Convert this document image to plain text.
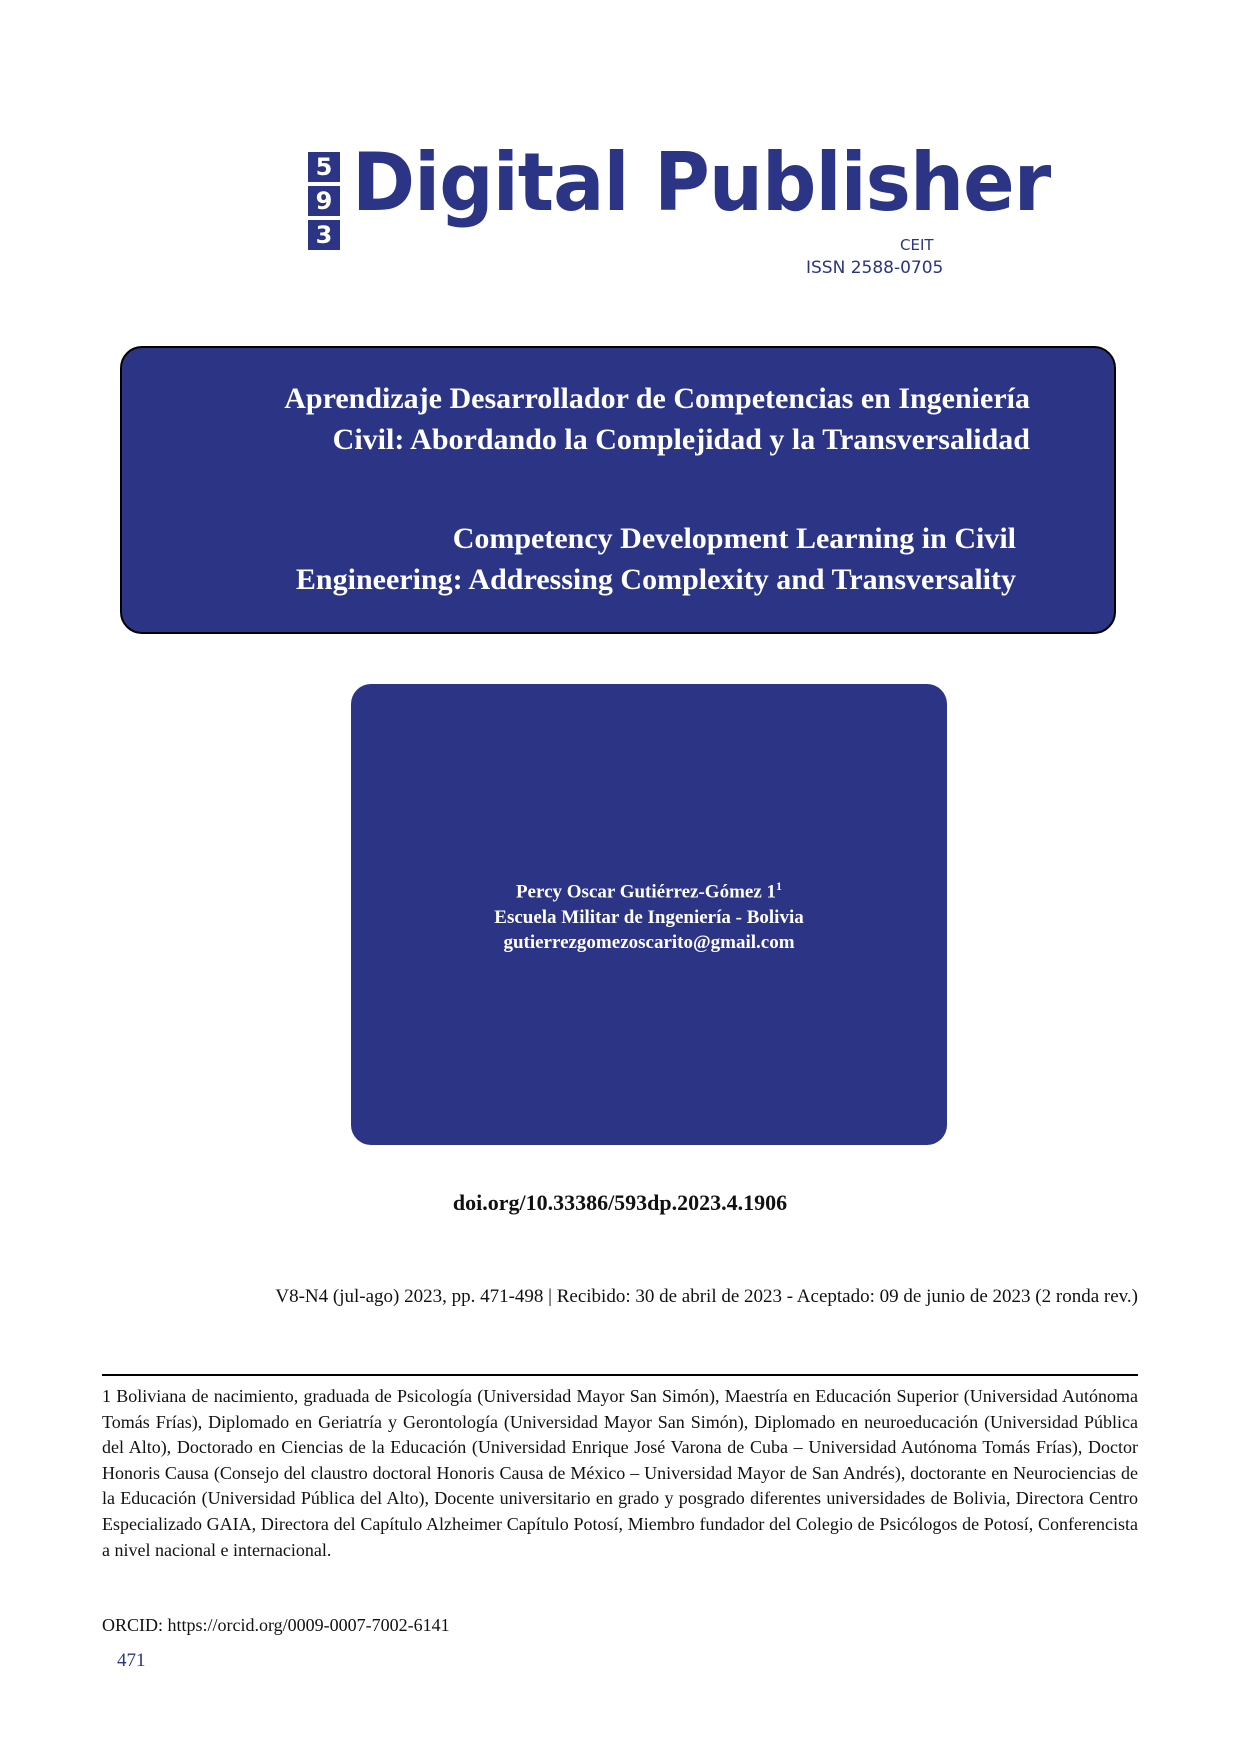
5
9
3
Digital Publisher
CEIT
ISSN 2588-0705
Aprendizaje Desarrollador de Competencias en Ingeniería
Civil: Abordando la Complejidad y la Transversalidad
Competency Development Learning in Civil
Engineering: Addressing Complexity and Transversality
Percy Oscar Gutiérrez-Gómez $1^1$
Escuela Militar de Ingeniería - Bolivia
gutierrezgomezoscarito@gmail.com
doi.org/10.33386/593dp.2023.4.1906
V8-N4 (jul-ago) 2023, pp. 471-498 | Recibido: 30 de abril de 2023 - Aceptado: 09 de junio de 2023 (2 ronda rev.)
1 Boliviana de nacimiento, graduada de Psicología (Universidad Mayor San Simón), Maestría en Educación Superior (Universidad Autónoma Tomás Frías), Diplomado en Geriatría y Gerontología (Universidad Mayor San Simón), Diplomado en neuroeducación (Universidad Pública del Alto), Doctorado en Ciencias de la Educación (Universidad Enrique José Varona de Cuba – Universidad Autónoma Tomás Frías), Doctor Honoris Causa (Consejo del claustro doctoral Honoris Causa de México – Universidad Mayor de San Andrés), doctorante en Neurociencias de la Educación (Universidad Pública del Alto), Docente universitario en grado y posgrado diferentes universidades de Bolivia, Directora Centro Especializado GAIA, Directora del Capítulo Alzheimer Capítulo Potosí, Miembro fundador del Colegio de Psicólogos de Potosí, Conferencista a nivel nacional e internacional.
ORCID: https://orcid.org/0009-0007-7002-6141
471
